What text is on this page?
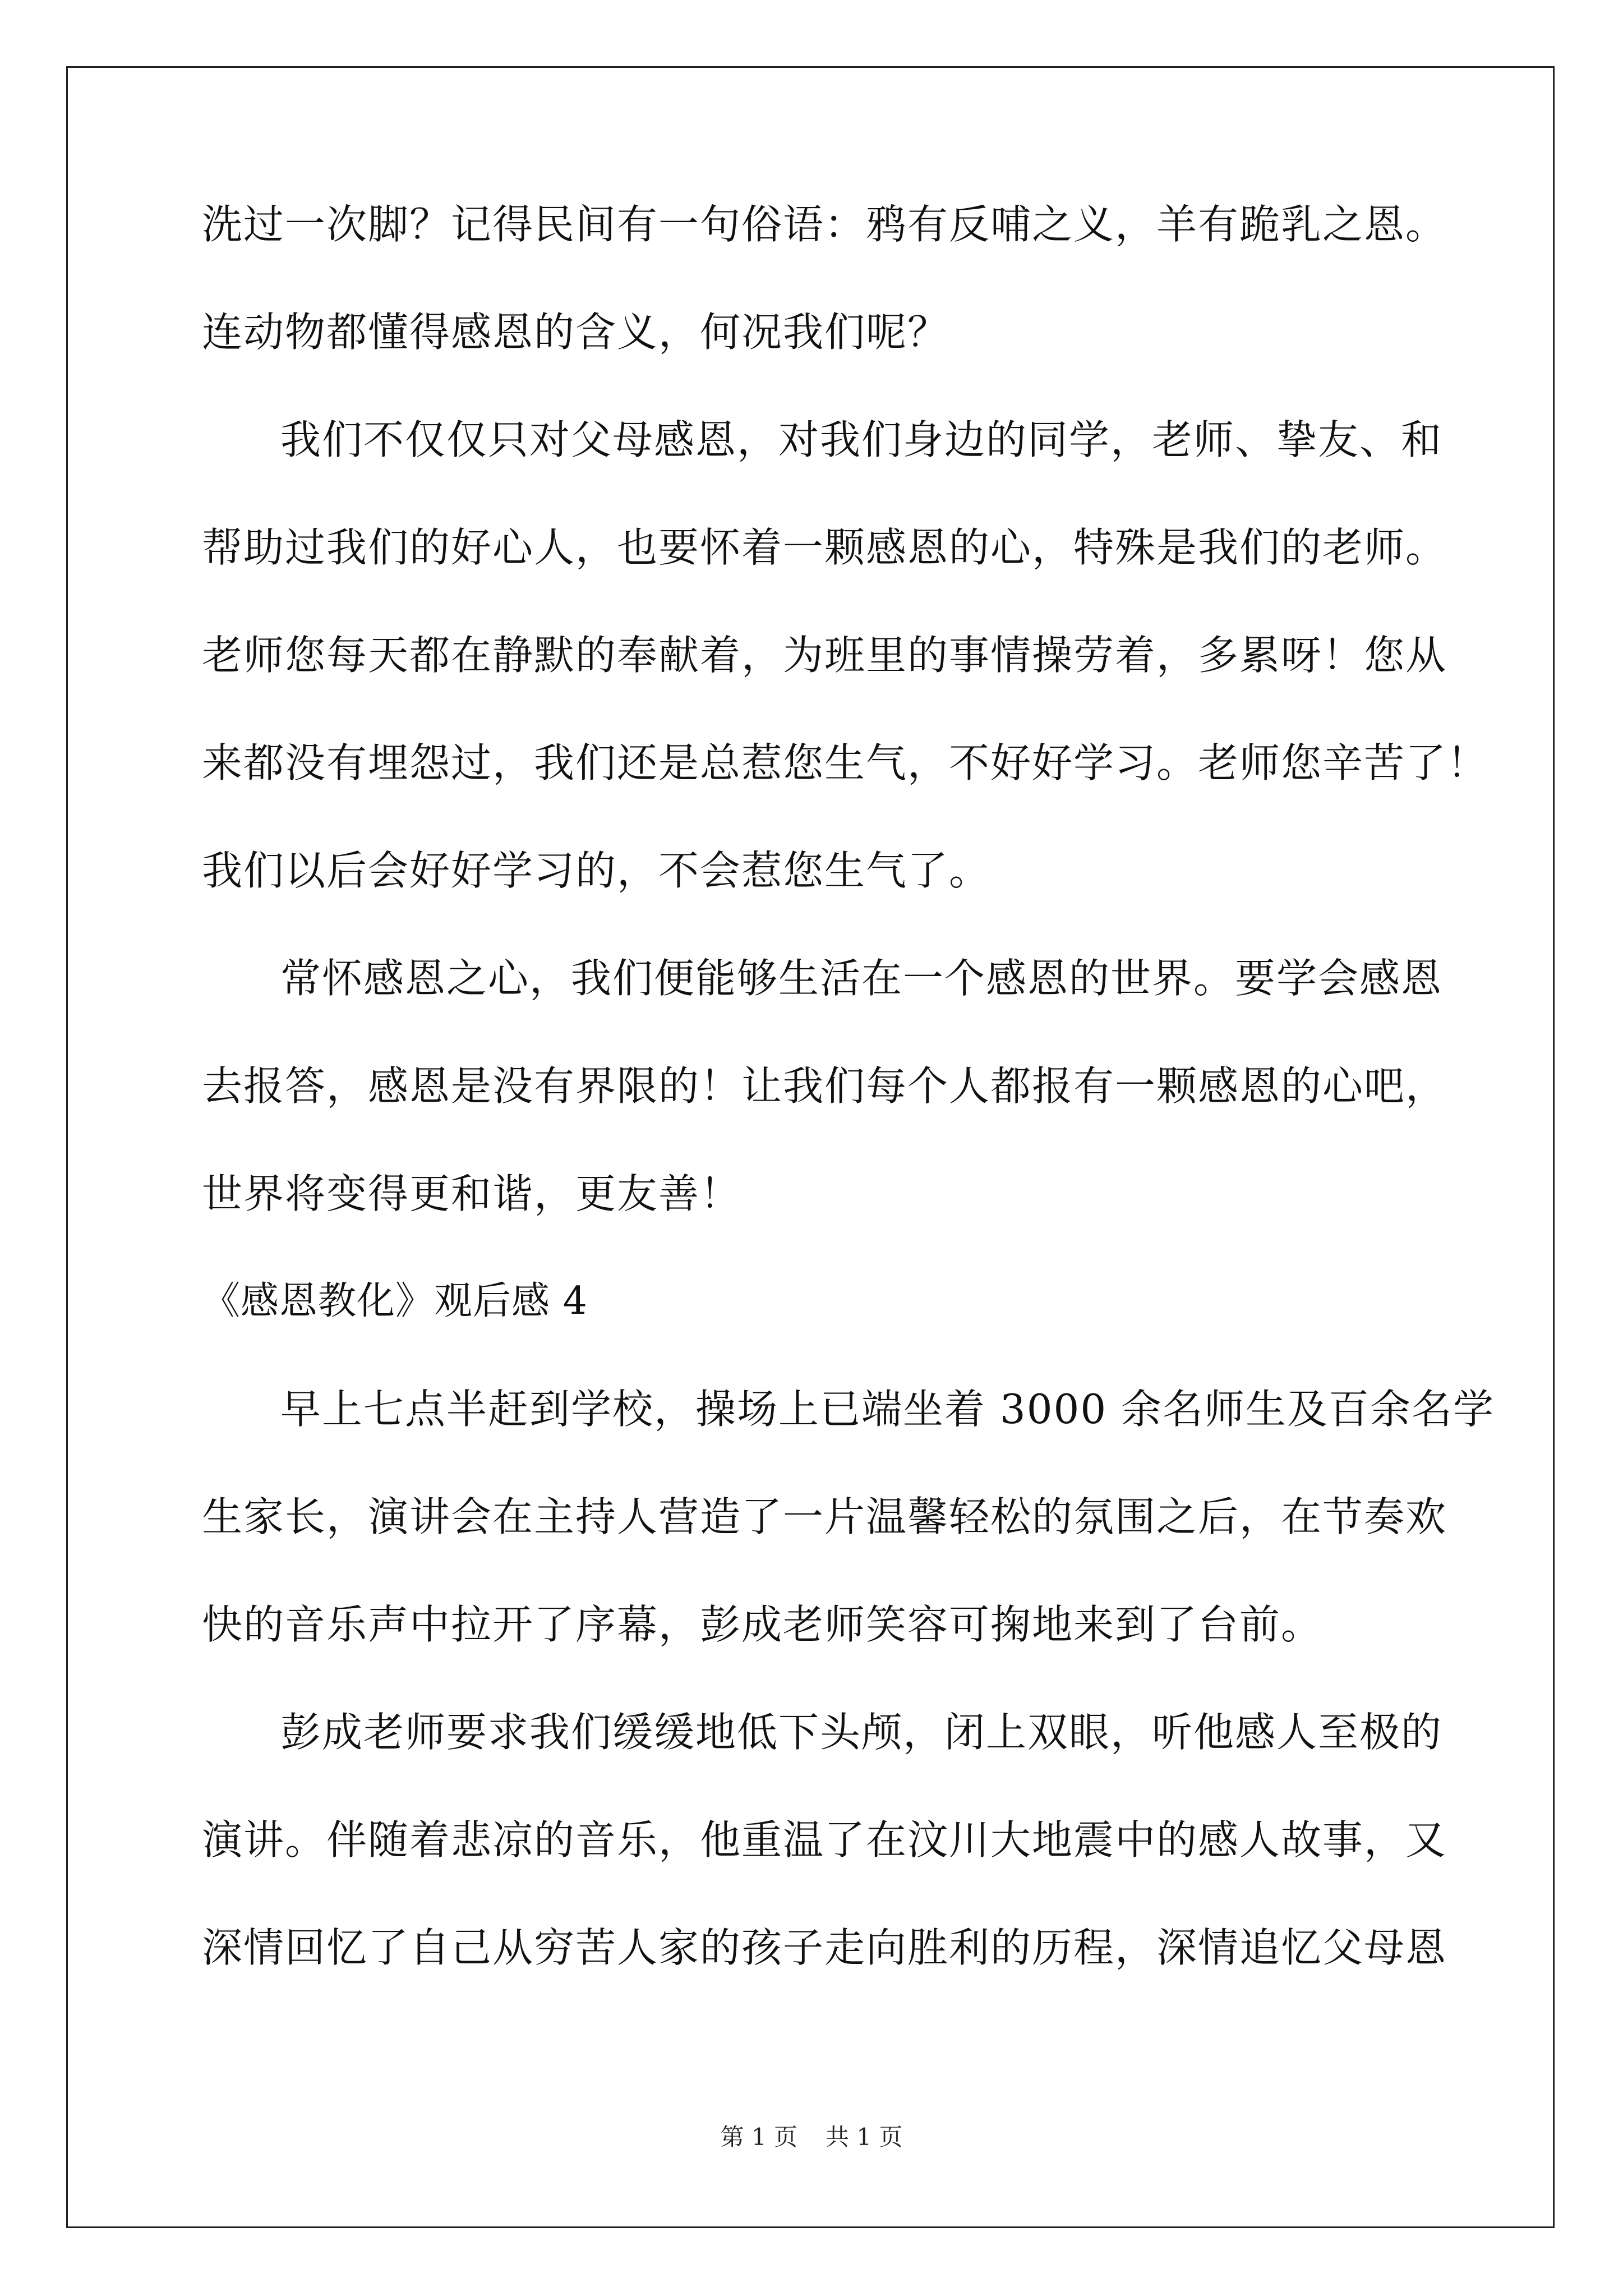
洗过一次脚？记得民间有一句俗语：鸦有反哺之义，羊有跪乳之恩。
连动物都懂得感恩的含义，何况我们呢？
我们不仅仅只对父母感恩，对我们身边的同学，老师、挚友、和
帮助过我们的好心人，也要怀着一颗感恩的心，特殊是我们的老师。
老师您每天都在静默的奉献着，为班里的事情操劳着，多累呀！您从
来都没有埋怨过，我们还是总惹您生气，不好好学习。老师您辛苦了！
我们以后会好好学习的，不会惹您生气了。
常怀感恩之心，我们便能够生活在一个感恩的世界。要学会感恩
去报答，感恩是没有界限的！让我们每个人都报有一颗感恩的心吧，
世界将变得更和谐，更友善！
《感恩教化》观后感 4
早上七点半赶到学校，操场上已端坐着 3000 余名师生及百余名学
生家长，演讲会在主持人营造了一片温馨轻松的氛围之后，在节奏欢
快的音乐声中拉开了序幕，彭成老师笑容可掬地来到了台前。
彭成老师要求我们缓缓地低下头颅，闭上双眼，听他感人至极的
演讲。伴随着悲凉的音乐，他重温了在汶川大地震中的感人故事，又
深情回忆了自己从穷苦人家的孩子走向胜利的历程，深情追忆父母恩
第 1 页 共 1 页
